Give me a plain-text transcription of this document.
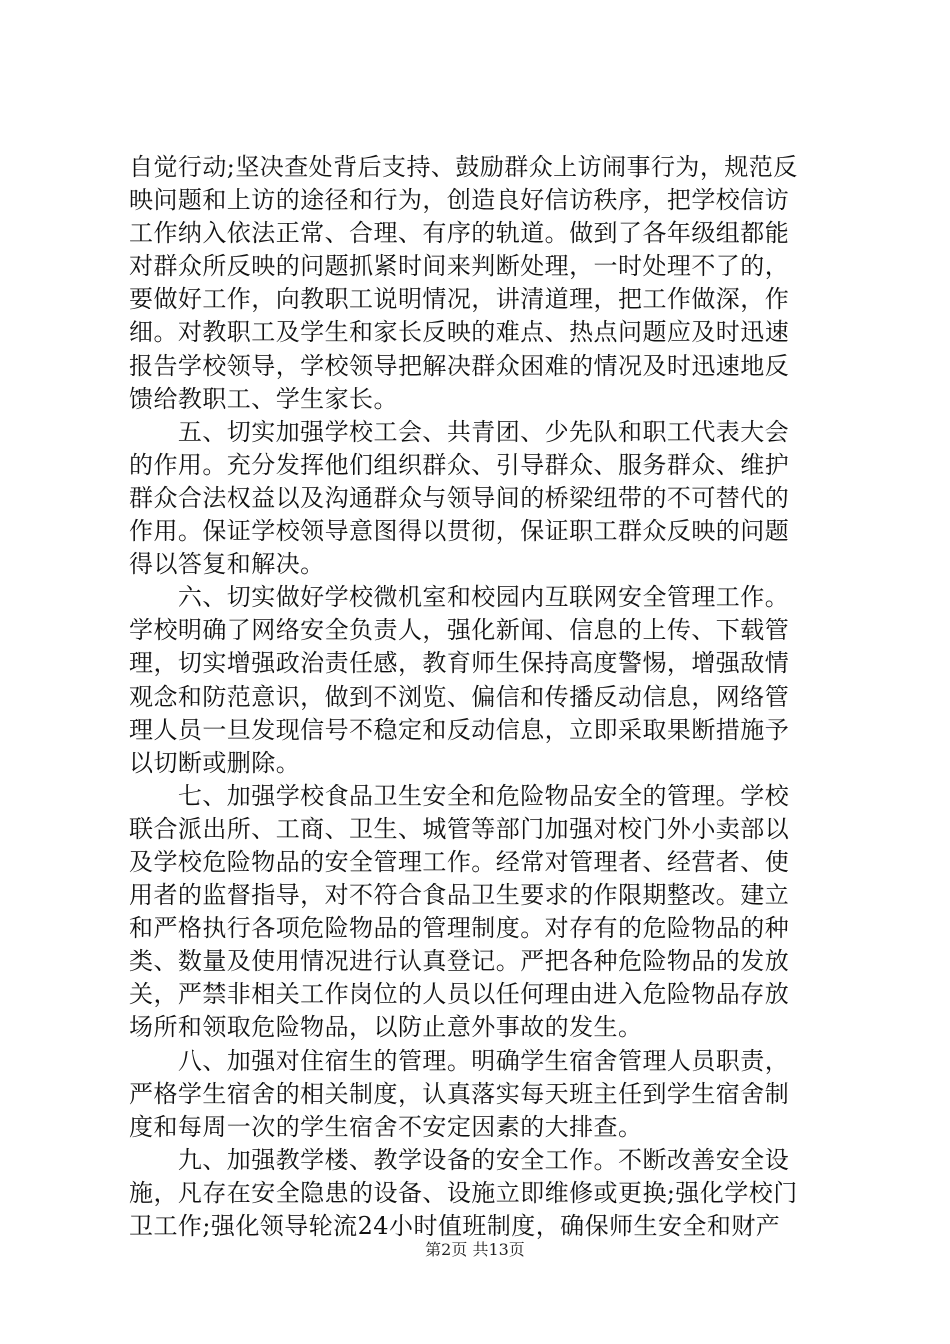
自觉行动;坚决查处背后支持、鼓励群众上访闹事行为，规范反
映问题和上访的途径和行为，创造良好信访秩序，把学校信访
工作纳入依法正常、合理、有序的轨道。做到了各年级组都能
对群众所反映的问题抓紧时间来判断处理，一时处理不了的，
要做好工作，向教职工说明情况，讲清道理，把工作做深，作
细。对教职工及学生和家长反映的难点、热点问题应及时迅速
报告学校领导，学校领导把解决群众困难的情况及时迅速地反
馈给教职工、学生家长。
　　五、切实加强学校工会、共青团、少先队和职工代表大会
的作用。充分发挥他们组织群众、引导群众、服务群众、维护
群众合法权益以及沟通群众与领导间的桥梁纽带的不可替代的
作用。保证学校领导意图得以贯彻，保证职工群众反映的问题
得以答复和解决。
　　六、切实做好学校微机室和校园内互联网安全管理工作。
学校明确了网络安全负责人，强化新闻、信息的上传、下载管
理，切实增强政治责任感，教育师生保持高度警惕，增强敌情
观念和防范意识，做到不浏览、偏信和传播反动信息，网络管
理人员一旦发现信号不稳定和反动信息，立即采取果断措施予
以切断或删除。
　　七、加强学校食品卫生安全和危险物品安全的管理。学校
联合派出所、工商、卫生、城管等部门加强对校门外小卖部以
及学校危险物品的安全管理工作。经常对管理者、经营者、使
用者的监督指导，对不符合食品卫生要求的作限期整改。建立
和严格执行各项危险物品的管理制度。对存有的危险物品的种
类、数量及使用情况进行认真登记。严把各种危险物品的发放
关，严禁非相关工作岗位的人员以任何理由进入危险物品存放
场所和领取危险物品，以防止意外事故的发生。
　　八、加强对住宿生的管理。明确学生宿舍管理人员职责，
严格学生宿舍的相关制度，认真落实每天班主任到学生宿舍制
度和每周一次的学生宿舍不安定因素的大排查。
　　九、加强教学楼、教学设备的安全工作。不断改善安全设
施，凡存在安全隐患的设备、设施立即维修或更换;强化学校门
卫工作;强化领导轮流24小时值班制度，确保师生安全和财产
第2页 共13页
